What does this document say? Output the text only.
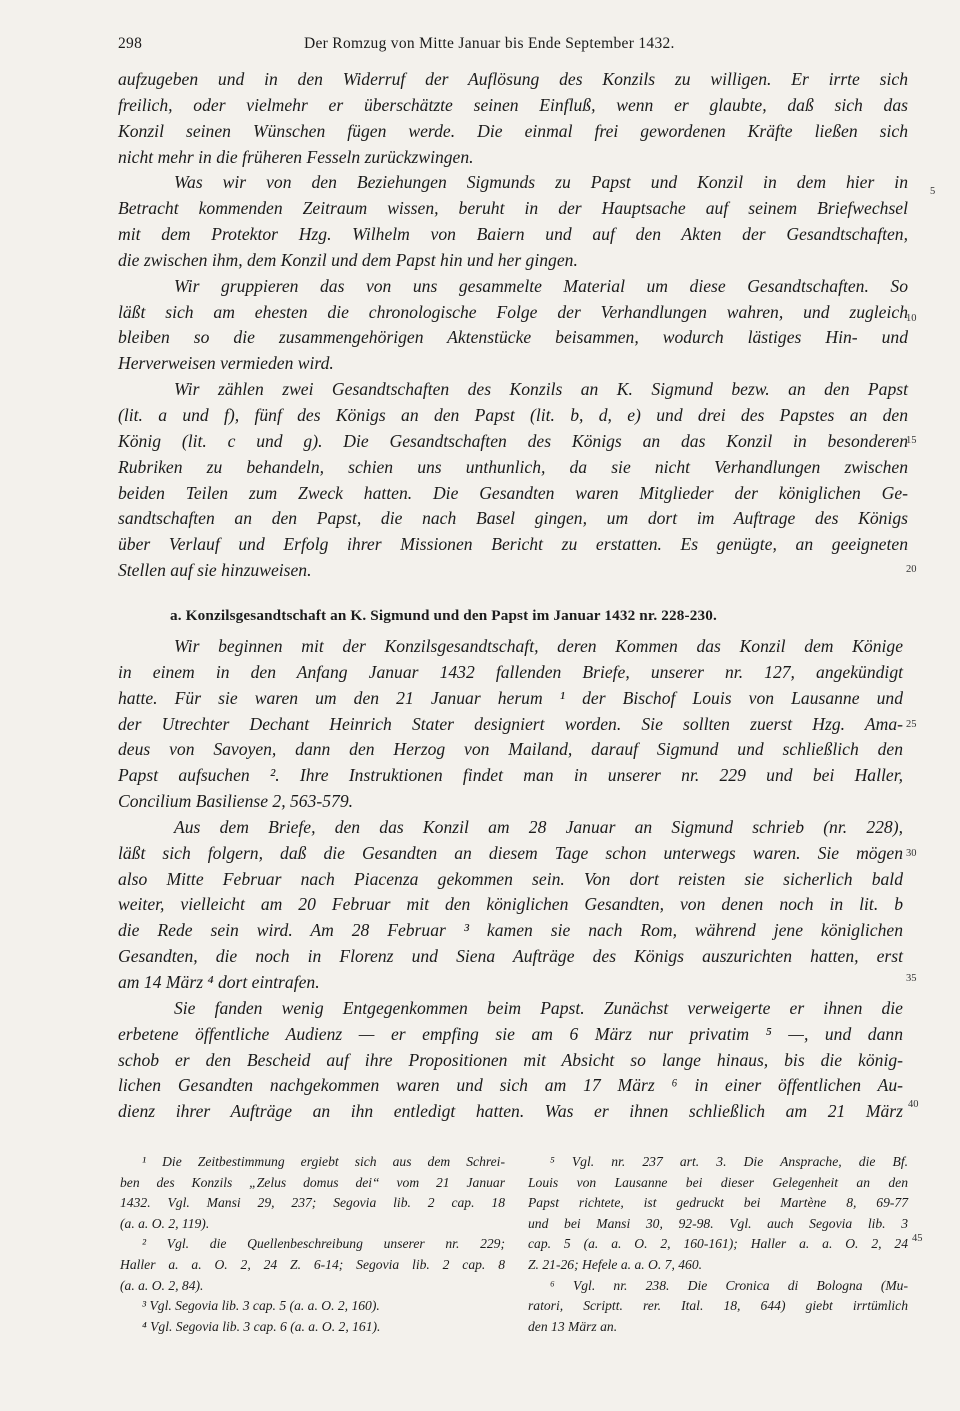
298	Der Romzug von Mitte Januar bis Ende September 1432.
aufzugeben und in den Widerruf der Auflösung des Konzils zu willigen. Er irrte sich
freilich, oder vielmehr er überschätzte seinen Einfluß, wenn er glaubte, daß sich das
Konzil seinen Wünschen fügen werde. Die einmal frei gewordenen Kräfte ließen sich
nicht mehr in die früheren Fesseln zurückzwingen.
Was wir von den Beziehungen Sigmunds zu Papst und Konzil in dem hier in
Betracht kommenden Zeitraum wissen, beruht in der Hauptsache auf seinem Briefwechsel
mit dem Protektor Hzg. Wilhelm von Baiern und auf den Akten der Gesandtschaften,
die zwischen ihm, dem Konzil und dem Papst hin und her gingen.
Wir gruppieren das von uns gesammelte Material um diese Gesandtschaften. So
läßt sich am ehesten die chronologische Folge der Verhandlungen wahren, und zugleich
bleiben so die zusammengehörigen Aktenstücke beisammen, wodurch lästiges Hin- und
Herverweisen vermieden wird.
Wir zählen zwei Gesandtschaften des Konzils an K. Sigmund bezw. an den Papst
(lit. a und f), fünf des Königs an den Papst (lit. b, d, e) und drei des Papstes an den
König (lit. c und g). Die Gesandtschaften des Königs an das Konzil in besonderen
Rubriken zu behandeln, schien uns unthunlich, da sie nicht Verhandlungen zwischen
beiden Teilen zum Zweck hatten. Die Gesandten waren Mitglieder der königlichen Ge-
sandtschaften an den Papst, die nach Basel gingen, um dort im Auftrage des Königs
über Verlauf und Erfolg ihrer Missionen Bericht zu erstatten. Es genügte, an geeigneten
Stellen auf sie hinzuweisen.
a. Konzilsgesandtschaft an K. Sigmund und den Papst im Januar 1432 nr. 228-230.
Wir beginnen mit der Konzilsgesandtschaft, deren Kommen das Konzil dem Könige
in einem in den Anfang Januar 1432 fallenden Briefe, unserer nr. 127, angekündigt
hatte. Für sie waren um den 21 Januar herum ¹ der Bischof Louis von Lausanne und
der Utrechter Dechant Heinrich Stater designiert worden. Sie sollten zuerst Hzg. Ama-
deus von Savoyen, dann den Herzog von Mailand, darauf Sigmund und schließlich den
Papst aufsuchen ². Ihre Instruktionen findet man in unserer nr. 229 und bei Haller,
Concilium Basiliense 2, 563-579.
Aus dem Briefe, den das Konzil am 28 Januar an Sigmund schrieb (nr. 228),
läßt sich folgern, daß die Gesandten an diesem Tage schon unterwegs waren. Sie mögen
also Mitte Februar nach Piacenza gekommen sein. Von dort reisten sie sicherlich bald
weiter, vielleicht am 20 Februar mit den königlichen Gesandten, von denen noch in lit. b
die Rede sein wird. Am 28 Februar ³ kamen sie nach Rom, während jene königlichen
Gesandten, die noch in Florenz und Siena Aufträge des Königs auszurichten hatten, erst
am 14 März ⁴ dort eintrafen.
Sie fanden wenig Entgegenkommen beim Papst. Zunächst verweigerte er ihnen die
erbetene öffentliche Audienz — er empfing sie am 6 März nur privatim ⁵ —, und dann
schob er den Bescheid auf ihre Propositionen mit Absicht so lange hinaus, bis die könig-
lichen Gesandten nachgekommen waren und sich am 17 März ⁶ in einer öffentlichen Au-
dienz ihrer Aufträge an ihn entledigt hatten. Was er ihnen schließlich am 21 März
5
10
15
20
25
30
35
40
45
¹ Die Zeitbestimmung ergiebt sich aus dem Schrei-
ben des Konzils „Zelus domus dei“ vom 21 Januar
1432. Vgl. Mansi 29, 237; Segovia lib. 2 cap. 18
(a. a. O. 2, 119).
² Vgl. die Quellenbeschreibung unserer nr. 229;
Haller a. a. O. 2, 24 Z. 6-14; Segovia lib. 2 cap. 8
(a. a. O. 2, 84).
³ Vgl. Segovia lib. 3 cap. 5 (a. a. O. 2, 160).
⁴ Vgl. Segovia lib. 3 cap. 6 (a. a. O. 2, 161).
⁵ Vgl. nr. 237 art. 3. Die Ansprache, die Bf.
Louis von Lausanne bei dieser Gelegenheit an den
Papst richtete, ist gedruckt bei Martène 8, 69-77
und bei Mansi 30, 92-98. Vgl. auch Segovia lib. 3
cap. 5 (a. a. O. 2, 160-161); Haller a. a. O. 2, 24
Z. 21-26; Hefele a. a. O. 7, 460.
⁶ Vgl. nr. 238. Die Cronica di Bologna (Mu-
ratori, Scriptt. rer. Ital. 18, 644) giebt irrtümlich
den 13 März an.
